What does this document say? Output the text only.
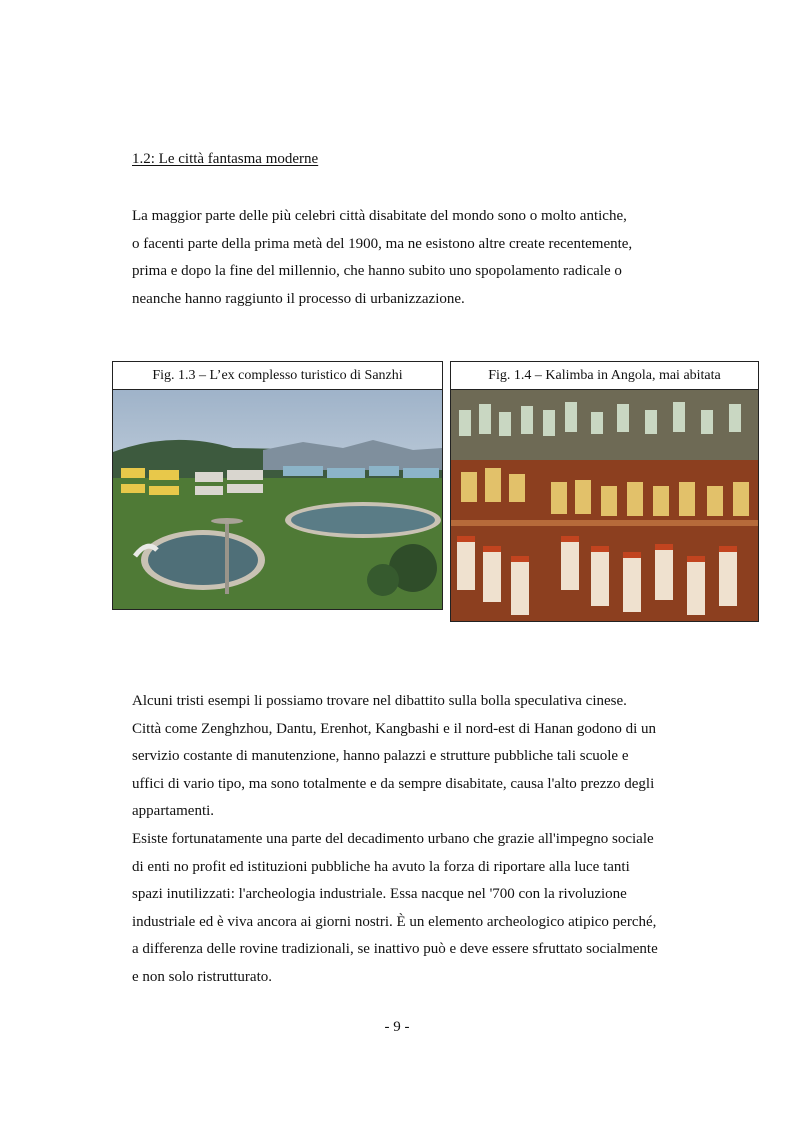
1.2: Le città fantasma moderne

La maggior parte delle più celebri città disabitate del mondo sono o molto antiche,
o facenti parte della prima metà del 1900, ma ne esistono altre create recentemente,
prima e dopo la fine del millennio, che hanno subito uno spopolamento radicale o
neanche hanno raggiunto il processo di urbanizzazione.

Fig. 1.3 – L’ex complesso turistico di Sanzhi	Fig. 1.4 – Kalimba in Angola, mai abitata

Alcuni tristi esempi li possiamo trovare nel dibattito sulla bolla speculativa cinese.
Città come Zenghzhou, Dantu, Erenhot, Kangbashi e il nord-est di Hanan godono di un
servizio costante di manutenzione, hanno palazzi e strutture pubbliche tali scuole e
uffici di vario tipo, ma sono totalmente e da sempre disabitate, causa l'alto prezzo degli
appartamenti.

Esiste fortunatamente una parte del decadimento urbano che grazie all'impegno sociale
di enti no profit ed istituzioni pubbliche ha avuto la forza di riportare alla luce tanti
spazi inutilizzati: l'archeologia industriale. Essa nacque nel '700 con la rivoluzione
industriale ed è viva ancora ai giorni nostri. È un elemento archeologico atipico perché,
a differenza delle rovine tradizionali, se inattivo può e deve essere sfruttato socialmente
e non solo ristrutturato.

- 9 -
